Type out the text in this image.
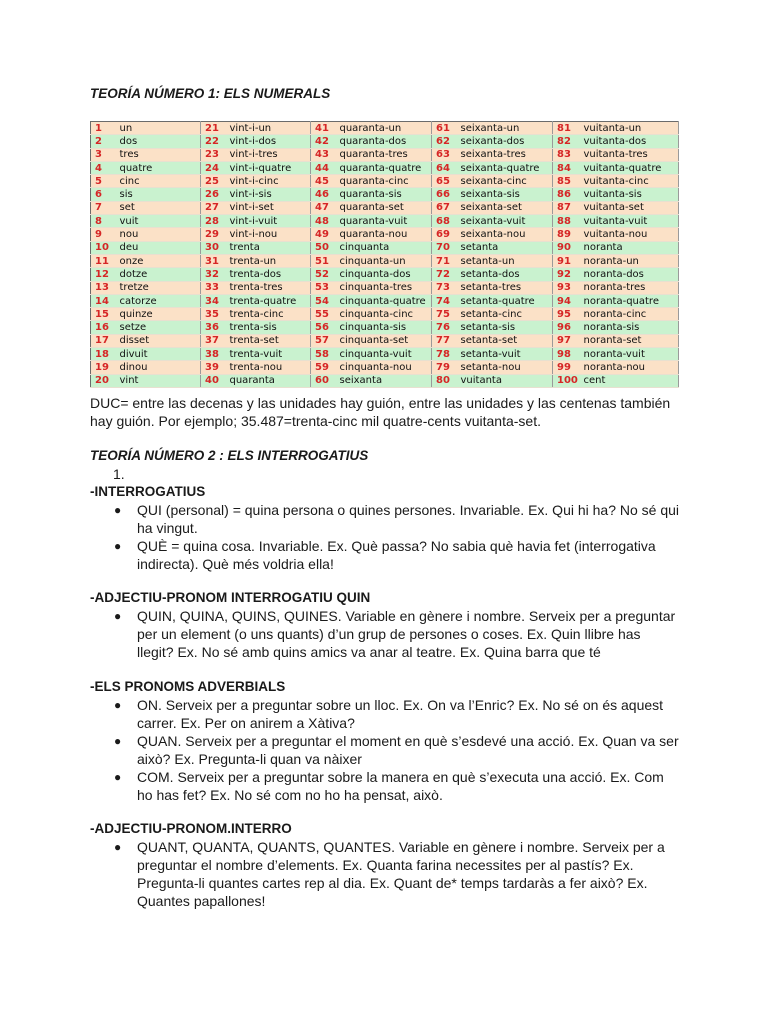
TEORÍA NÚMERO 1: ELS NUMERALS
1	un	21	vint-i-un	41	quaranta-un	61	seixanta-un	81	vuitanta-un
2	dos	22	vint-i-dos	42	quaranta-dos	62	seixanta-dos	82	vuitanta-dos
3	tres	23	vint-i-tres	43	quaranta-tres	63	seixanta-tres	83	vuitanta-tres
4	quatre	24	vint-i-quatre	44	quaranta-quatre	64	seixanta-quatre	84	vuitanta-quatre
5	cinc	25	vint-i-cinc	45	quaranta-cinc	65	seixanta-cinc	85	vuitanta-cinc
6	sis	26	vint-i-sis	46	quaranta-sis	66	seixanta-sis	86	vuitanta-sis
7	set	27	vint-i-set	47	quaranta-set	67	seixanta-set	87	vuitanta-set
8	vuit	28	vint-i-vuit	48	quaranta-vuit	68	seixanta-vuit	88	vuitanta-vuit
9	nou	29	vint-i-nou	49	quaranta-nou	69	seixanta-nou	89	vuitanta-nou
10	deu	30	trenta	50	cinquanta	70	setanta	90	noranta
11	onze	31	trenta-un	51	cinquanta-un	71	setanta-un	91	noranta-un
12	dotze	32	trenta-dos	52	cinquanta-dos	72	setanta-dos	92	noranta-dos
13	tretze	33	trenta-tres	53	cinquanta-tres	73	setanta-tres	93	noranta-tres
14	catorze	34	trenta-quatre	54	cinquanta-quatre	74	setanta-quatre	94	noranta-quatre
15	quinze	35	trenta-cinc	55	cinquanta-cinc	75	setanta-cinc	95	noranta-cinc
16	setze	36	trenta-sis	56	cinquanta-sis	76	setanta-sis	96	noranta-sis
17	disset	37	trenta-set	57	cinquanta-set	77	setanta-set	97	noranta-set
18	divuit	38	trenta-vuit	58	cinquanta-vuit	78	setanta-vuit	98	noranta-vuit
19	dinou	39	trenta-nou	59	cinquanta-nou	79	setanta-nou	99	noranta-nou
20	vint	40	quaranta	60	seixanta	80	vuitanta	100	cent
DUC= entre las decenas y las unidades hay guión, entre las unidades y las centenas también hay guión. Por ejemplo; 35.487=trenta-cinc mil quatre-cents vuitanta-set.
TEORÍA NÚMERO 2 : ELS INTERROGATIUS
1.
-INTERROGATIUS
● QUI (personal) = quina persona o quines persones. Invariable. Ex. Qui hi ha? No sé qui ha vingut.
● QUÈ = quina cosa. Invariable. Ex. Què passa? No sabia què havia fet (interrogativa indirecta). Què més voldria ella!
-ADJECTIU-PRONOM INTERROGATIU QUIN
● QUIN, QUINA, QUINS, QUINES. Variable en gènere i nombre. Serveix per a preguntar per un element (o uns quants) d’un grup de persones o coses. Ex. Quin llibre has llegit? Ex. No sé amb quins amics va anar al teatre. Ex. Quina barra que té
-ELS PRONOMS ADVERBIALS
● ON. Serveix per a preguntar sobre un lloc. Ex. On va l’Enric? Ex. No sé on és aquest carrer. Ex. Per on anirem a Xàtiva?
● QUAN. Serveix per a preguntar el moment en què s’esdevé una acció. Ex. Quan va ser això? Ex. Pregunta-li quan va nàixer
● COM. Serveix per a preguntar sobre la manera en què s’executa una acció. Ex. Com ho has fet? Ex. No sé com no ho ha pensat, això.
-ADJECTIU-PRONOM.INTERRO
● QUANT, QUANTA, QUANTS, QUANTES. Variable en gènere i nombre. Serveix per a preguntar el nombre d’elements. Ex. Quanta farina necessites per al pastís? Ex. Pregunta-li quantes cartes rep al dia. Ex. Quant de* temps tardaràs a fer això? Ex. Quantes papallones!
